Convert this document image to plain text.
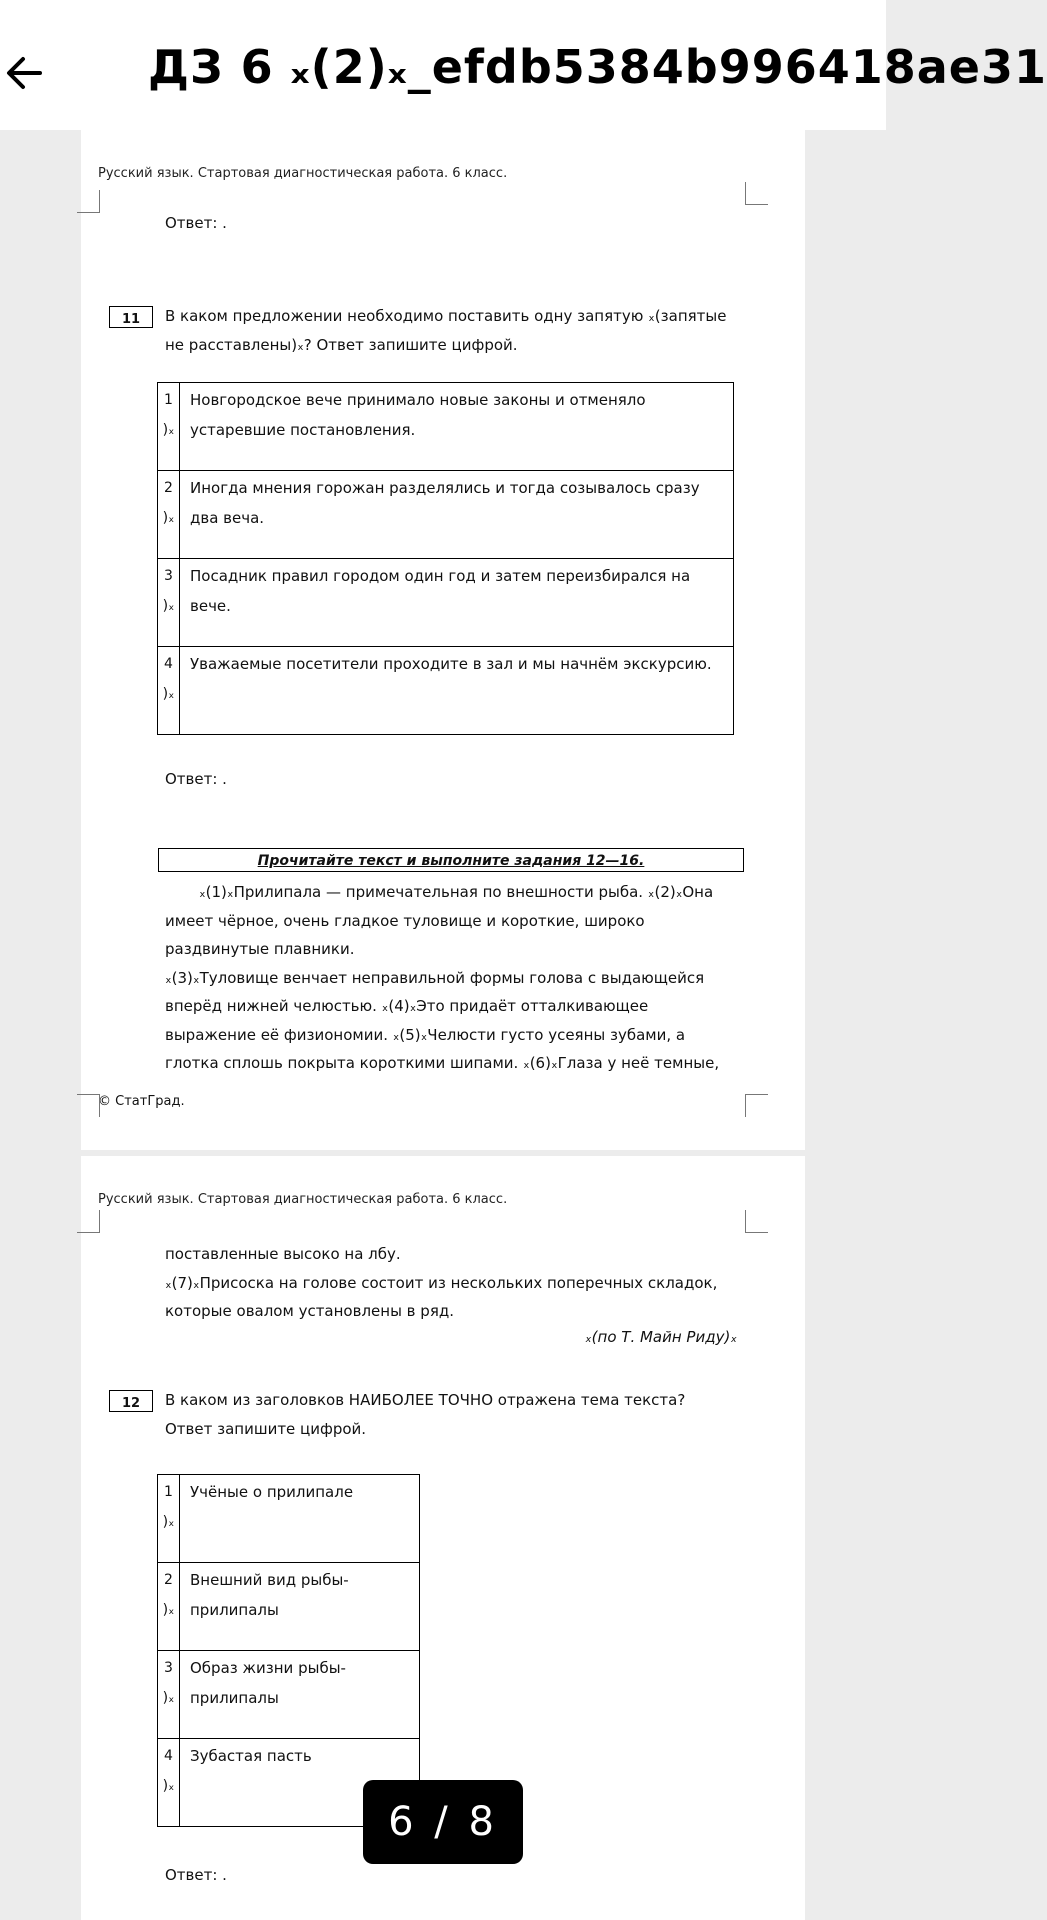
ДЗ 6 ₓ(2)ₓ_efdb5384b996418ae31
Русский язык. Стартовая диагностическая работа. 6 класс.
Ответ: .
11	В каком предложении необходимо поставить одну запятую ₓ(запятые
не расставлены)ₓ? Ответ запишите цифрой.
1
)ₓ	Новгородское вече принимало новые законы и отменяло устаревшие постановления.
2
)ₓ	Иногда мнения горожан разделялись и тогда созывалось сразу два веча.
3
)ₓ	Посадник правил городом один год и затем переизбирался на вече.
4
)ₓ	Уважаемые посетители проходите в зал и мы начнём экскурсию.
Ответ: .
Прочитайте текст и выполните задания 12—16.
ₓ(1)ₓПрилипала — примечательная по внешности рыба. ₓ(2)ₓОна
имеет чёрное, очень гладкое туловище и короткие, широко
раздвинутые плавники.
ₓ(3)ₓТуловище венчает неправильной формы голова с выдающейся
вперёд нижней челюстью. ₓ(4)ₓЭто придаёт отталкивающее
выражение её физиономии. ₓ(5)ₓЧелюсти густо усеяны зубами, а
глотка сплошь покрыта короткими шипами. ₓ(6)ₓГлаза у неё темные,
© СтатГрад.
Русский язык. Стартовая диагностическая работа. 6 класс.
поставленные высоко на лбу.
ₓ(7)ₓПрисоска на голове состоит из нескольких поперечных складок,
которые овалом установлены в ряд.
ₓ(по Т. Майн Риду)ₓ
12	В каком из заголовков НАИБОЛЕЕ ТОЧНО отражена тема текста?
Ответ запишите цифрой.
1
)ₓ	Учёные о прилипале
2
)ₓ	Внешний вид рыбы-прилипалы
3
)ₓ	Образ жизни рыбы-прилипалы
4
)ₓ	Зубастая пасть
Ответ: .
6 / 8
